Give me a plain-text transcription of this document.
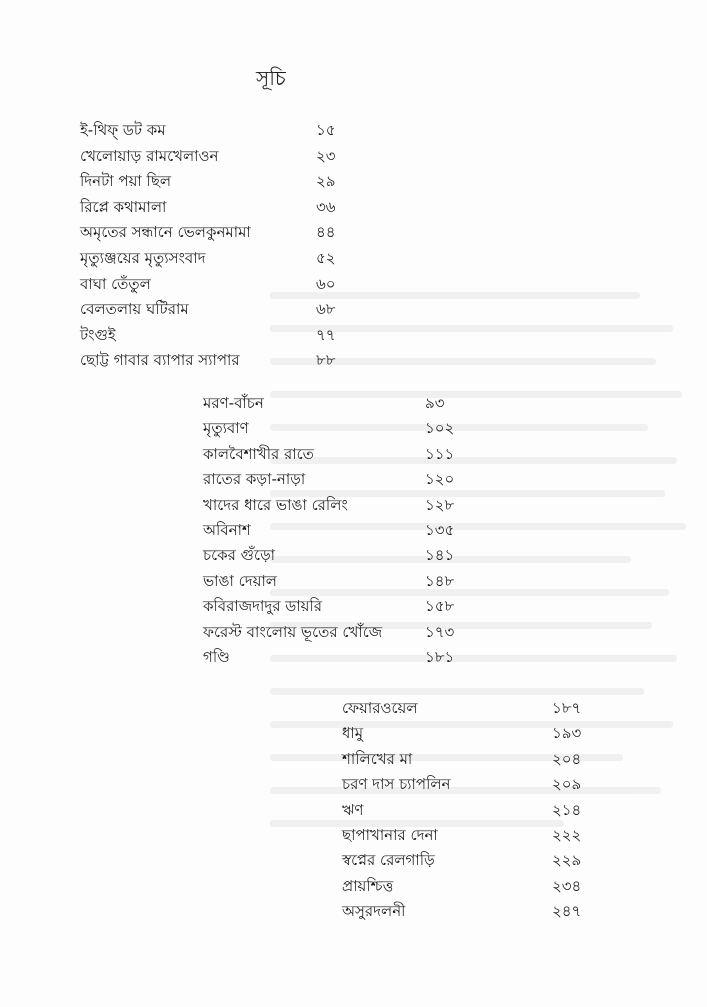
সূচি
ই-থিফ্ ডট কম	১৫
খেলোয়াড় রামখেলাওন	২৩
দিনটা পয়া ছিল	২৯
রিপ্লে কথামালা	৩৬
অমৃতের সন্ধানে ভেলকুনমামা	৪৪
মৃত্যুঞ্জয়ের মৃত্যুসংবাদ	৫২
বাঘা তেঁতুল	৬০
বেলতলায় ঘটিরাম	৬৮
টংগুই	৭৭
ছোট্ট গাবার ব্যাপার স্যাপার	৮৮
মরণ-বাঁচন	৯৩
মৃত্যুবাণ	১০২
কালবৈশাখীর রাতে	১১১
রাতের কড়া-নাড়া	১২০
খাদের ধারে ভাঙা রেলিং	১২৮
অবিনাশ	১৩৫
চকের গুঁড়ো	১৪১
ভাঙা দেয়াল	১৪৮
কবিরাজদাদুর ডায়রি	১৫৮
ফরেস্ট বাংলোয় ভূতের খোঁজে	১৭৩
গণ্ডি	১৮১
ফেয়ারওয়েল	১৮৭
ধামু	১৯৩
শালিখের মা	২০৪
চরণ দাস চ্যাপলিন	২০৯
ঋণ	২১৪
ছাপাখানার দেনা	২২২
স্বপ্নের রেলগাড়ি	২২৯
প্রায়শ্চিত্ত	২৩৪
অসুরদলনী	২৪৭
